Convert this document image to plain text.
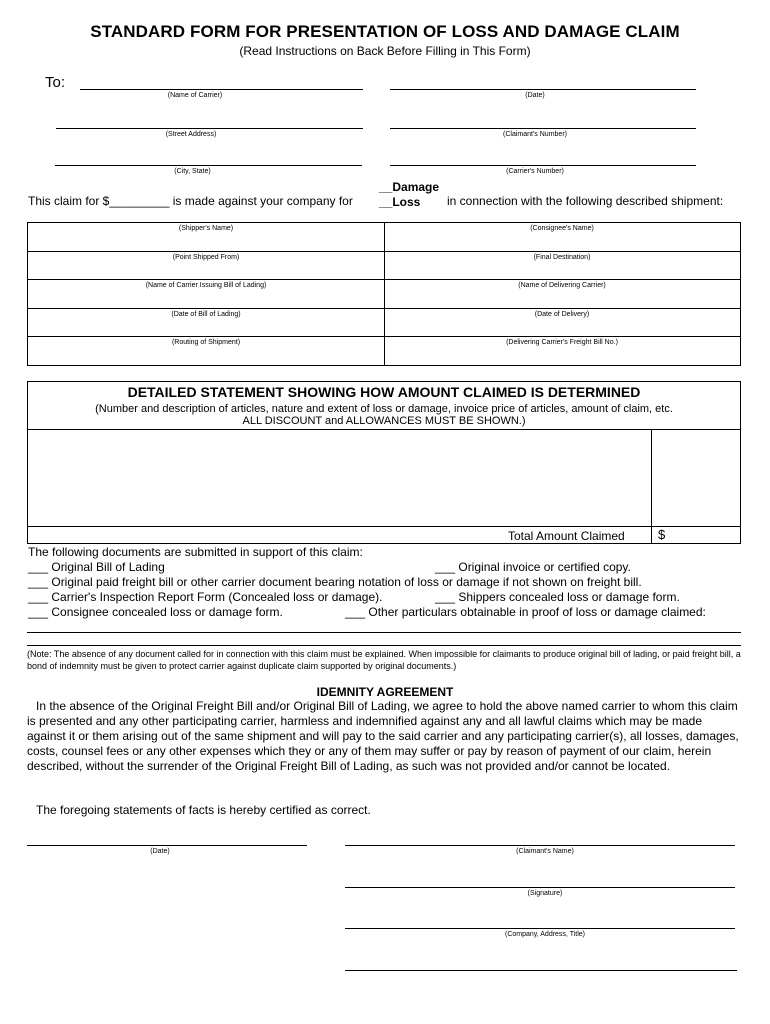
STANDARD FORM FOR PRESENTATION OF LOSS AND DAMAGE CLAIM
(Read Instructions on Back Before Filling in This Form)
To:
(Name of Carrier)	(Date)
(Street Address)	(Claimant's Number)
(City, State)	(Carrier's Number)
This claim for $_________ is made against your company for
__Damage
__Loss in connection with the following described shipment:
(Shipper's Name)	(Consignee's Name)
(Point Shipped From)	(Final Destination)
(Name of Carrier Issuing Bill of Lading)	(Name of Delivering Carrier)
(Date of Bill of Lading)	(Date of Delivery)
(Routing of Shipment)	(Delivering Carrier's Freight Bill No.)
DETAILED STATEMENT SHOWING HOW AMOUNT CLAIMED IS DETERMINED
(Number and description of articles, nature and extent of loss or damage, invoice price of articles, amount of claim, etc.
ALL DISCOUNT and ALLOWANCES MUST BE SHOWN.)
Total Amount Claimed	$
The following documents are submitted in support of this claim:
___ Original Bill of Lading	___ Original invoice or certified copy.
___ Original paid freight bill or other carrier document bearing notation of loss or damage if not shown on freight bill.
___ Carrier's Inspection Report Form (Concealed loss or damage).	___ Shippers concealed loss or damage form.
___ Consignee concealed loss or damage form.	___ Other particulars obtainable in proof of loss or damage claimed:
(Note: The absence of any document called for in connection with this claim must be explained. When impossible for claimants to produce original bill of lading, or paid freight bill, a bond of indemnity must be given to protect carrier against duplicate claim supported by original documents.)
IDEMNITY AGREEMENT
In the absence of the Original Freight Bill and/or Original Bill of Lading, we agree to hold the above named carrier to whom this claim is presented and any other participating carrier, harmless and indemnified against any and all lawful claims which may be made against it or them arising out of the same shipment and will pay to the said carrier and any participating carrier(s), all losses, damages, costs, counsel fees or any other expenses which they or any of them may suffer or pay by reason of payment of our claim, herein described, without the surrender of the Original Freight Bill of Lading, as such was not provided and/or cannot be located.
The foregoing statements of facts is hereby certified as correct.
(Date)	(Claimant's Name)
(Signature)
(Company, Address, Title)
